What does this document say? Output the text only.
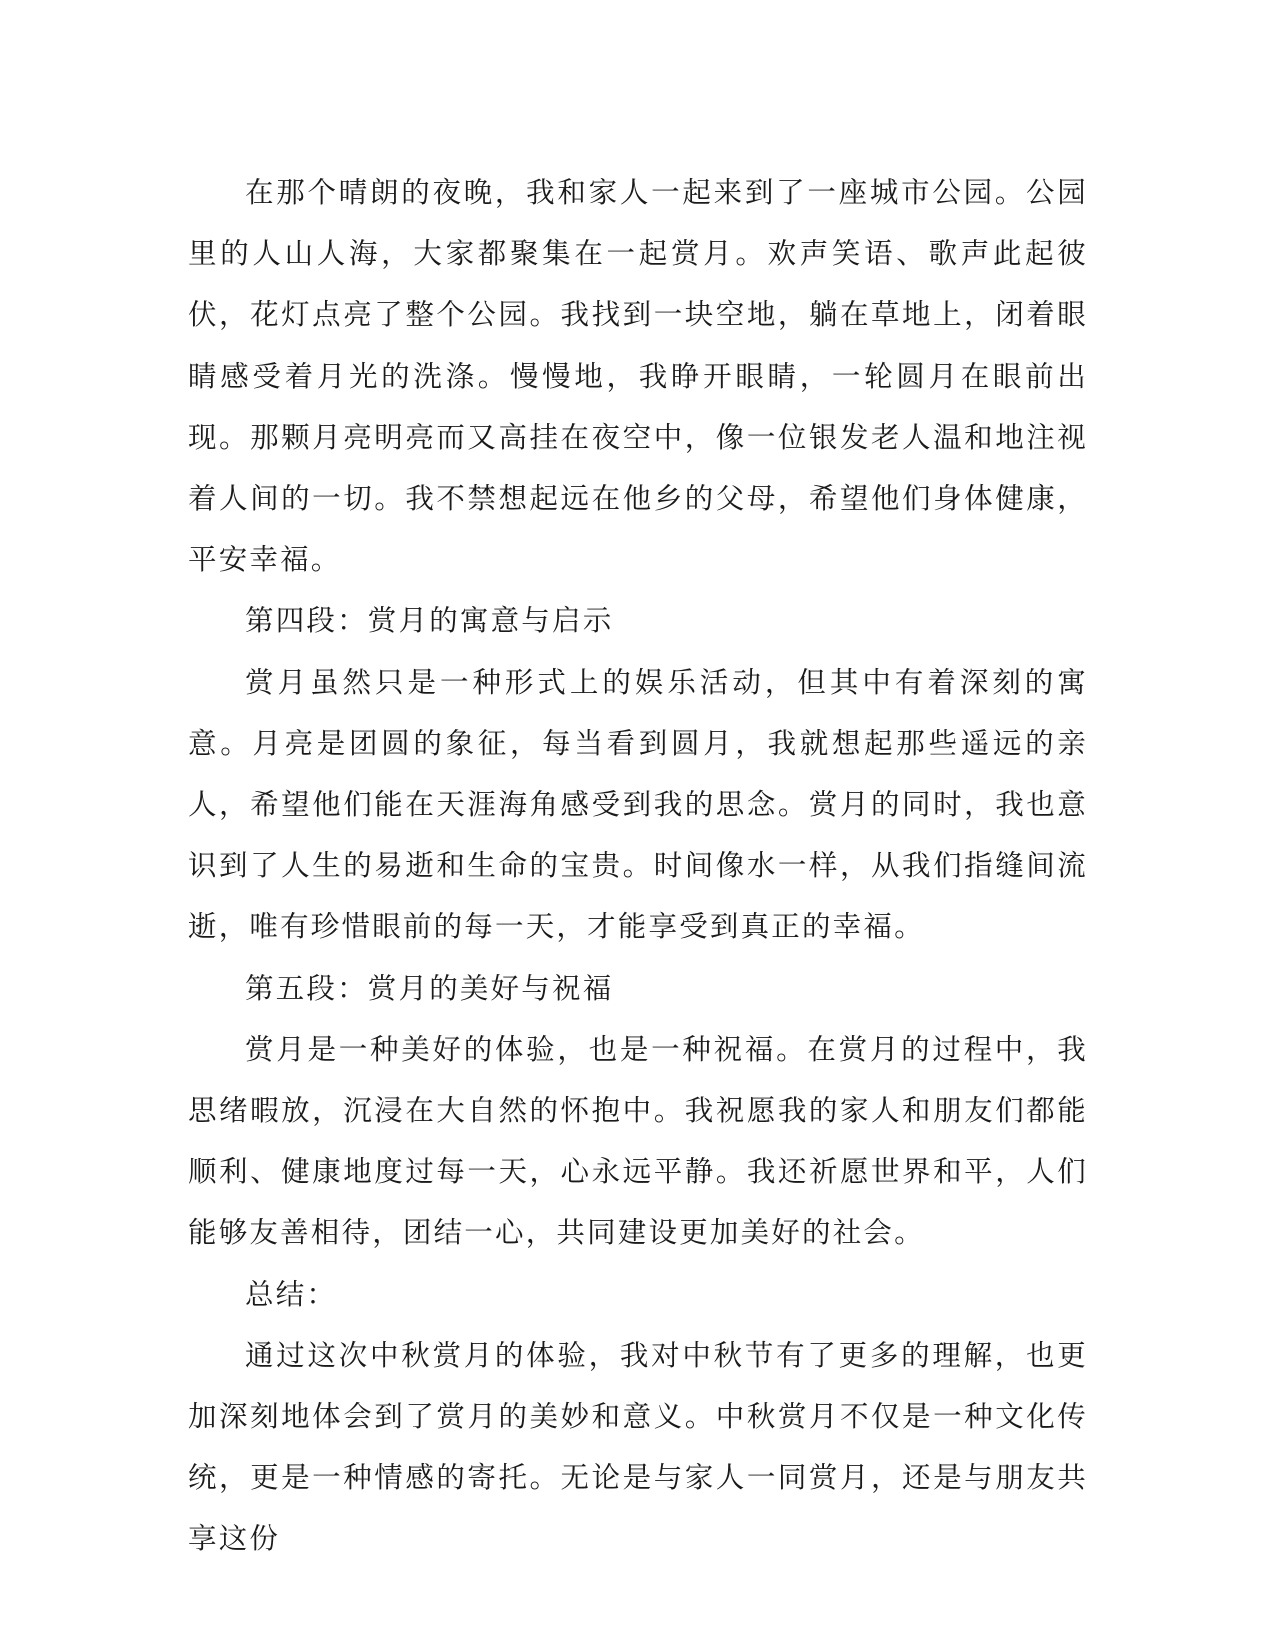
在那个晴朗的夜晚，我和家人一起来到了一座城市公园。公园里的人山人海，大家都聚集在一起赏月。欢声笑语、歌声此起彼伏，花灯点亮了整个公园。我找到一块空地，躺在草地上，闭着眼睛感受着月光的洗涤。慢慢地，我睁开眼睛，一轮圆月在眼前出现。那颗月亮明亮而又高挂在夜空中，像一位银发老人温和地注视着人间的一切。我不禁想起远在他乡的父母，希望他们身体健康，平安幸福。

第四段：赏月的寓意与启示

赏月虽然只是一种形式上的娱乐活动，但其中有着深刻的寓意。月亮是团圆的象征，每当看到圆月，我就想起那些遥远的亲人，希望他们能在天涯海角感受到我的思念。赏月的同时，我也意识到了人生的易逝和生命的宝贵。时间像水一样，从我们指缝间流逝，唯有珍惜眼前的每一天，才能享受到真正的幸福。

第五段：赏月的美好与祝福

赏月是一种美好的体验，也是一种祝福。在赏月的过程中，我思绪暇放，沉浸在大自然的怀抱中。我祝愿我的家人和朋友们都能顺利、健康地度过每一天，心永远平静。我还祈愿世界和平，人们能够友善相待，团结一心，共同建设更加美好的社会。

总结：

通过这次中秋赏月的体验，我对中秋节有了更多的理解，也更加深刻地体会到了赏月的美妙和意义。中秋赏月不仅是一种文化传统，更是一种情感的寄托。无论是与家人一同赏月，还是与朋友共享这份
